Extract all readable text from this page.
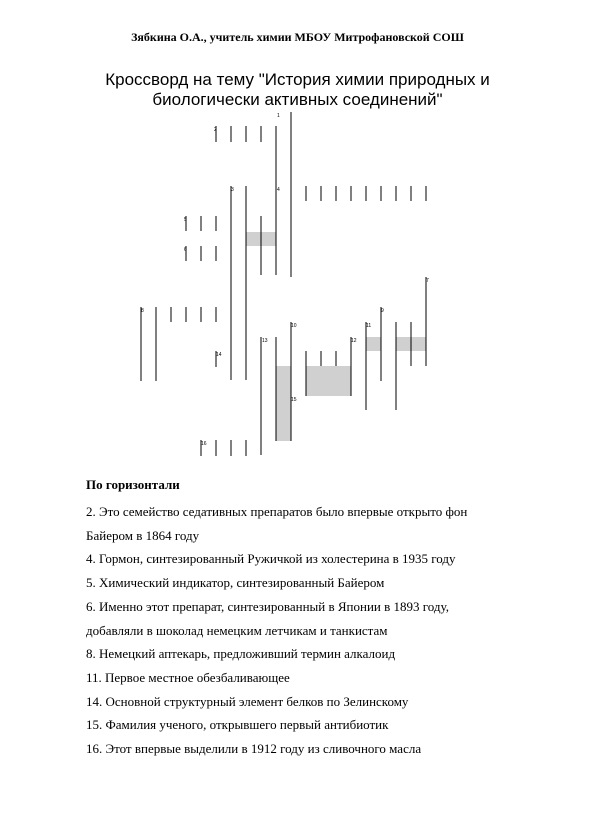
Зябкина О.А., учитель химии МБОУ Митрофановской СОШ
Кроссворд на тему "История химии природных и
биологически активных соединений"
1
2
3	4
5
6
7
8	9
10	11
12
13
14
15
16
По горизонтали
2. Это семейство седативных препаратов было впервые открыто фон
Байером в 1864 году
4. Гормон, синтезированный Ружичкой из холестерина в 1935 году
5. Химический индикатор, синтезированный Байером
6. Именно этот препарат, синтезированный в Японии в 1893 году,
добавляли в шоколад немецким летчикам и танкистам
8. Немецкий аптекарь, предложивший термин алкалоид
11. Первое местное обезбаливающее
14. Основной структурный элемент белков по Зелинскому
15. Фамилия ученого, открывшего первый антибиотик
16. Этот впервые выделили в 1912 году из сливочного масла
